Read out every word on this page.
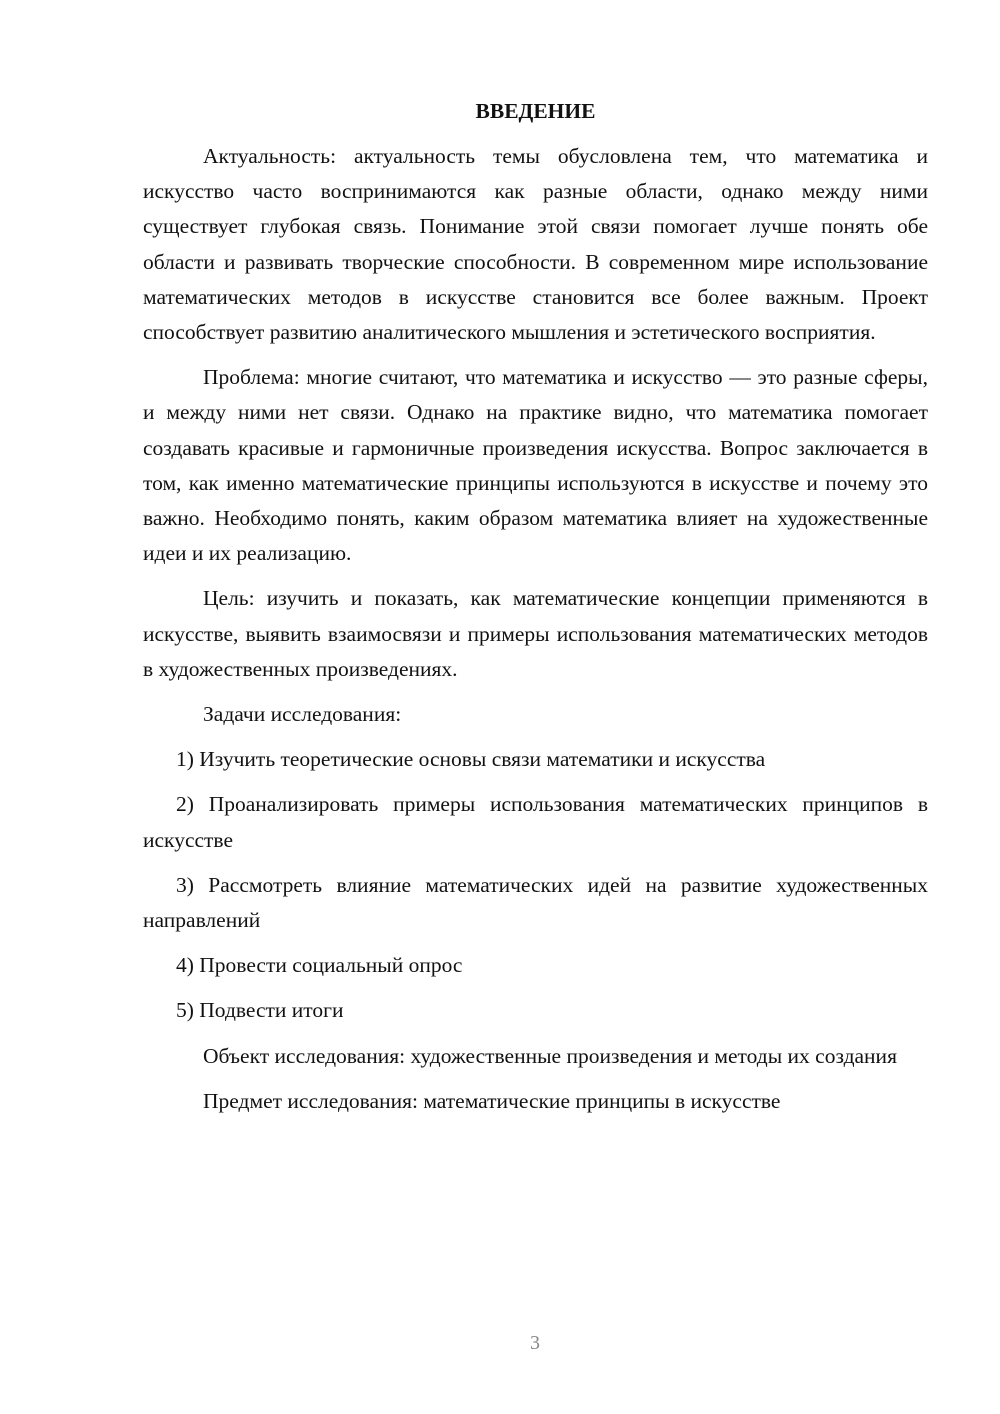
ВВЕДЕНИЕ

Актуальность: актуальность темы обусловлена тем, что математика и искусство часто воспринимаются как разные области, однако между ними существует глубокая связь. Понимание этой связи помогает лучше понять обе области и развивать творческие способности. В современном мире использование математических методов в искусстве становится все более важным. Проект способствует развитию аналитического мышления и эстетического восприятия.

Проблема: многие считают, что математика и искусство — это разные сферы, и между ними нет связи. Однако на практике видно, что математика помогает создавать красивые и гармоничные произведения искусства. Вопрос заключается в том, как именно математические принципы используются в искусстве и почему это важно. Необходимо понять, каким образом математика влияет на художественные идеи и их реализацию.

Цель: изучить и показать, как математические концепции применяются в искусстве, выявить взаимосвязи и примеры использования математических методов в художественных произведениях.

Задачи исследования:

1) Изучить теоретические основы связи математики и искусства

2) Проанализировать примеры использования математических принципов в искусстве

3) Рассмотреть влияние математических идей на развитие художественных направлений

4) Провести социальный опрос

5) Подвести итоги

Объект исследования: художественные произведения и методы их создания

Предмет исследования: математические принципы в искусстве

3
